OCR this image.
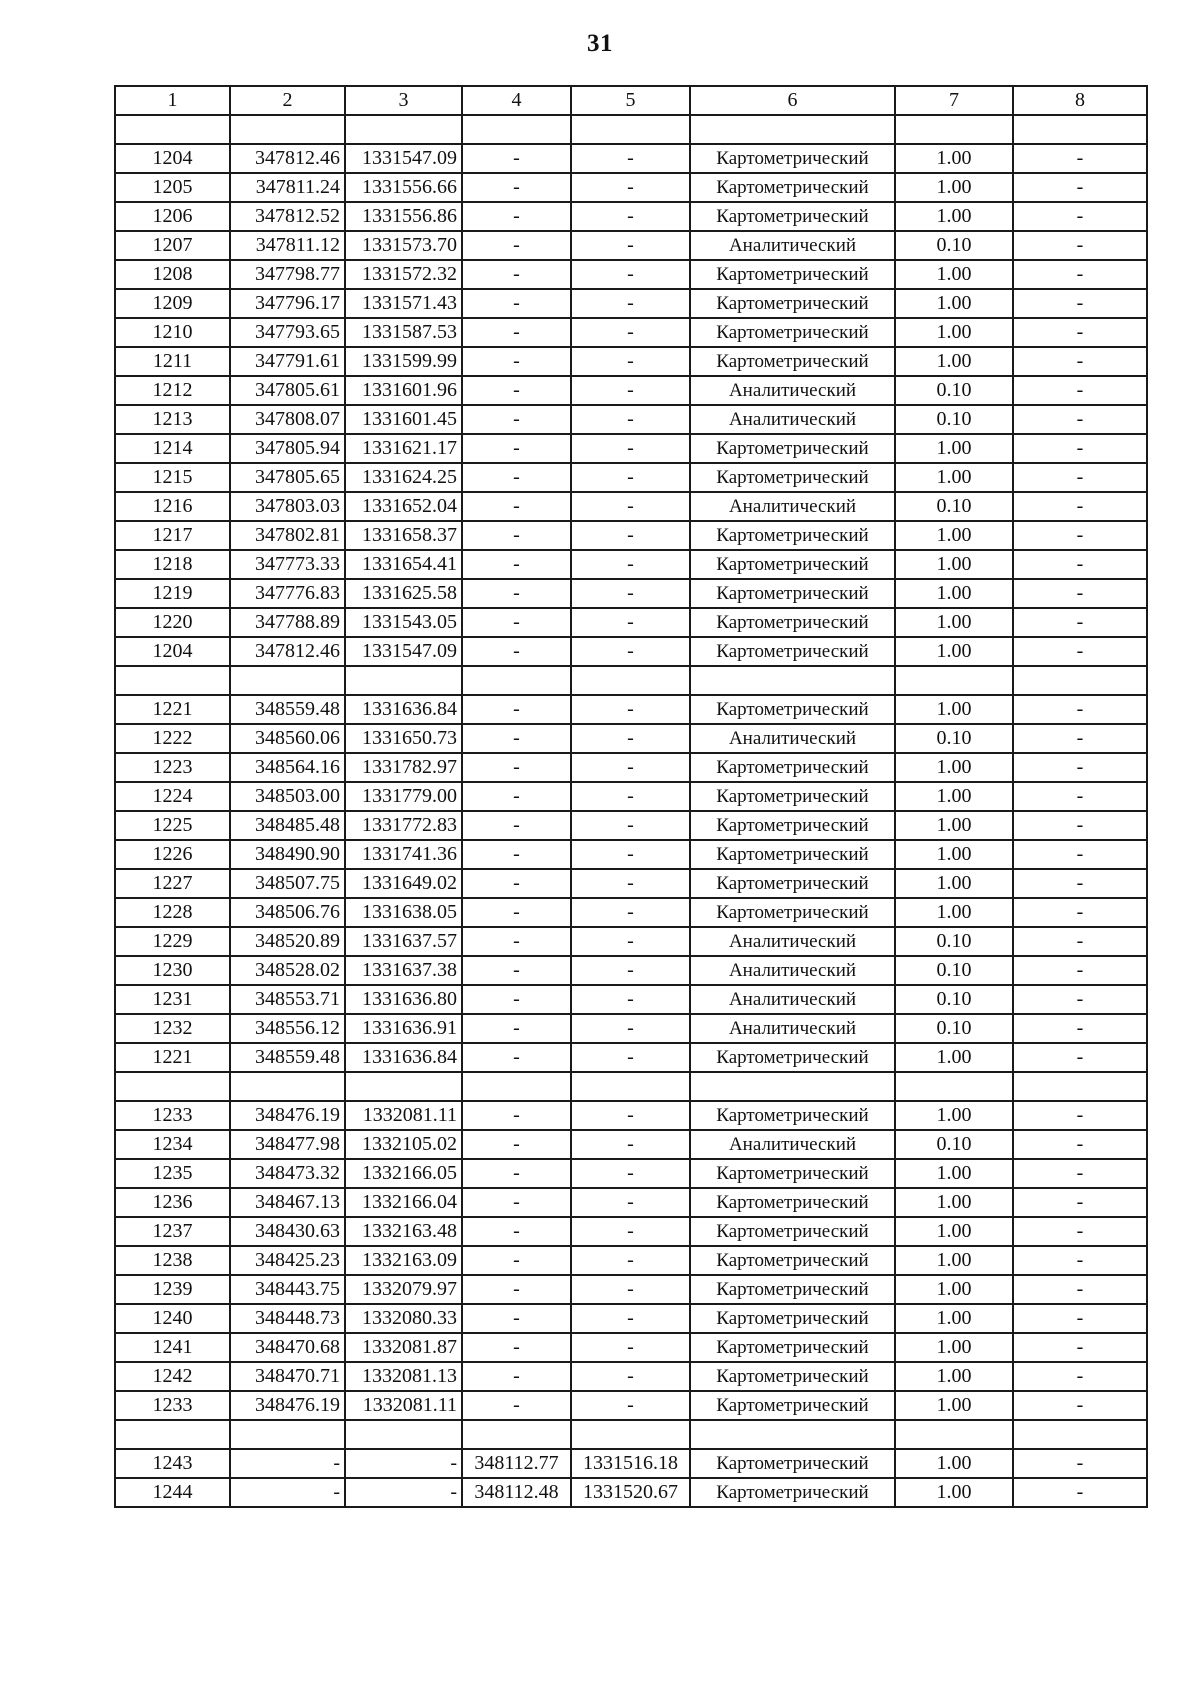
31
1	2	3	4	5	6	7	8

1204	347812.46	1331547.09	-	-	Картометрический	1.00	-
1205	347811.24	1331556.66	-	-	Картометрический	1.00	-
1206	347812.52	1331556.86	-	-	Картометрический	1.00	-
1207	347811.12	1331573.70	-	-	Аналитический	0.10	-
1208	347798.77	1331572.32	-	-	Картометрический	1.00	-
1209	347796.17	1331571.43	-	-	Картометрический	1.00	-
1210	347793.65	1331587.53	-	-	Картометрический	1.00	-
1211	347791.61	1331599.99	-	-	Картометрический	1.00	-
1212	347805.61	1331601.96	-	-	Аналитический	0.10	-
1213	347808.07	1331601.45	-	-	Аналитический	0.10	-
1214	347805.94	1331621.17	-	-	Картометрический	1.00	-
1215	347805.65	1331624.25	-	-	Картометрический	1.00	-
1216	347803.03	1331652.04	-	-	Аналитический	0.10	-
1217	347802.81	1331658.37	-	-	Картометрический	1.00	-
1218	347773.33	1331654.41	-	-	Картометрический	1.00	-
1219	347776.83	1331625.58	-	-	Картометрический	1.00	-
1220	347788.89	1331543.05	-	-	Картометрический	1.00	-
1204	347812.46	1331547.09	-	-	Картометрический	1.00	-

1221	348559.48	1331636.84	-	-	Картометрический	1.00	-
1222	348560.06	1331650.73	-	-	Аналитический	0.10	-
1223	348564.16	1331782.97	-	-	Картометрический	1.00	-
1224	348503.00	1331779.00	-	-	Картометрический	1.00	-
1225	348485.48	1331772.83	-	-	Картометрический	1.00	-
1226	348490.90	1331741.36	-	-	Картометрический	1.00	-
1227	348507.75	1331649.02	-	-	Картометрический	1.00	-
1228	348506.76	1331638.05	-	-	Картометрический	1.00	-
1229	348520.89	1331637.57	-	-	Аналитический	0.10	-
1230	348528.02	1331637.38	-	-	Аналитический	0.10	-
1231	348553.71	1331636.80	-	-	Аналитический	0.10	-
1232	348556.12	1331636.91	-	-	Аналитический	0.10	-
1221	348559.48	1331636.84	-	-	Картометрический	1.00	-

1233	348476.19	1332081.11	-	-	Картометрический	1.00	-
1234	348477.98	1332105.02	-	-	Аналитический	0.10	-
1235	348473.32	1332166.05	-	-	Картометрический	1.00	-
1236	348467.13	1332166.04	-	-	Картометрический	1.00	-
1237	348430.63	1332163.48	-	-	Картометрический	1.00	-
1238	348425.23	1332163.09	-	-	Картометрический	1.00	-
1239	348443.75	1332079.97	-	-	Картометрический	1.00	-
1240	348448.73	1332080.33	-	-	Картометрический	1.00	-
1241	348470.68	1332081.87	-	-	Картометрический	1.00	-
1242	348470.71	1332081.13	-	-	Картометрический	1.00	-
1233	348476.19	1332081.11	-	-	Картометрический	1.00	-

1243	-	-	348112.77	1331516.18	Картометрический	1.00	-
1244	-	-	348112.48	1331520.67	Картометрический	1.00	-
